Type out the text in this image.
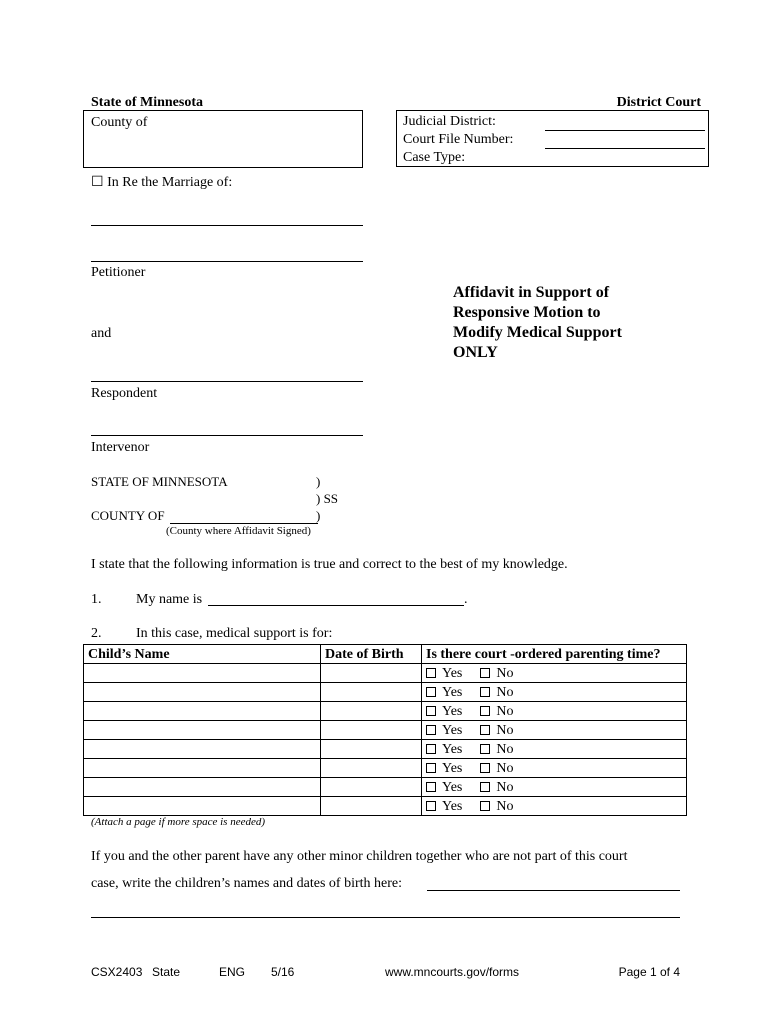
State of Minnesota	District Court
County of	Judicial District:
Court File Number:
Case Type:
☐ In Re the Marriage of:
Petitioner
and
Respondent
Intervenor
Affidavit in Support of
Responsive Motion to
Modify Medical Support
ONLY
STATE OF MINNESOTA	)
) SS
COUNTY OF	)
(County where Affidavit Signed)
I state that the following information is true and correct to the best of my knowledge.
1. My name is	.
2. In this case, medical support is for:
Child’s Name	Date of Birth	Is there court -ordered parenting time?
		Yes No
		Yes No
		Yes No
		Yes No
		Yes No
		Yes No
		Yes No
		Yes No
(Attach a page if more space is needed)
If you and the other parent have any other minor children together who are not part of this court
case, write the children’s names and dates of birth here:
CSX2403 State	ENG 5/16	www.mncourts.gov/forms	Page 1 of 4
